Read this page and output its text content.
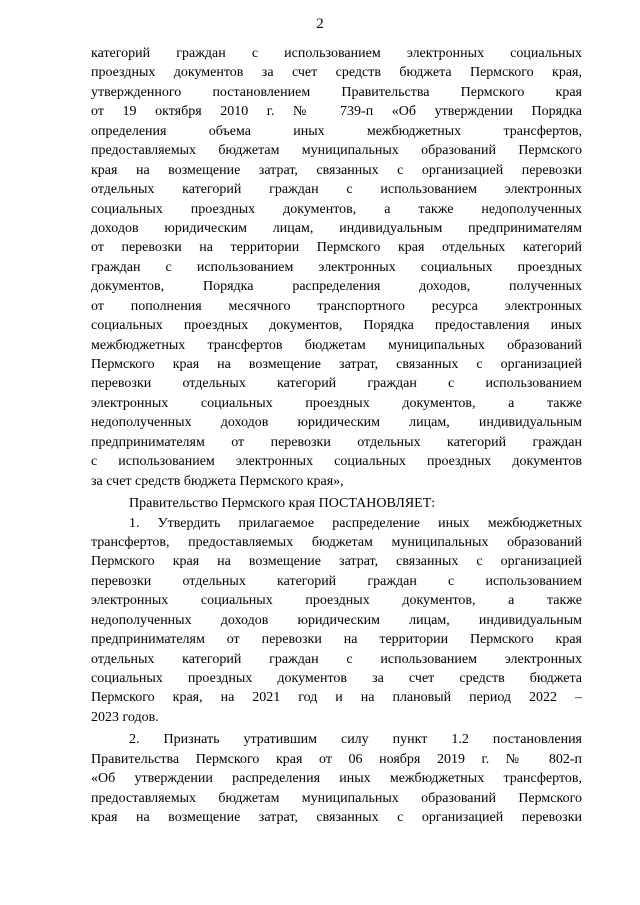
2
категорий граждан с использованием электронных социальных
проездных документов за счет средств бюджета Пермского края,
утвержденного постановлением Правительства Пермского края
от 19 октября 2010 г. № 739-п «Об утверждении Порядка
определения объема иных межбюджетных трансфертов,
предоставляемых бюджетам муниципальных образований Пермского
края на возмещение затрат, связанных с организацией перевозки
отдельных категорий граждан с использованием электронных
социальных проездных документов, а также недополученных
доходов юридическим лицам, индивидуальным предпринимателям
от перевозки на территории Пермского края отдельных категорий
граждан с использованием электронных социальных проездных
документов, Порядка распределения доходов, полученных
от пополнения месячного транспортного ресурса электронных
социальных проездных документов, Порядка предоставления иных
межбюджетных трансфертов бюджетам муниципальных образований
Пермского края на возмещение затрат, связанных с организацией
перевозки отдельных категорий граждан с использованием
электронных социальных проездных документов, а также
недополученных доходов юридическим лицам, индивидуальным
предпринимателям от перевозки отдельных категорий граждан
с использованием электронных социальных проездных документов
за счет средств бюджета Пермского края»,
Правительство Пермского края ПОСТАНОВЛЯЕТ:
1. Утвердить прилагаемое распределение иных межбюджетных
трансфертов, предоставляемых бюджетам муниципальных образований
Пермского края на возмещение затрат, связанных с организацией
перевозки отдельных категорий граждан с использованием
электронных социальных проездных документов, а также
недополученных доходов юридическим лицам, индивидуальным
предпринимателям от перевозки на территории Пермского края
отдельных категорий граждан с использованием электронных
социальных проездных документов за счет средств бюджета
Пермского края, на 2021 год и на плановый период 2022 –
2023 годов.
2. Признать утратившим силу пункт 1.2 постановления
Правительства Пермского края от 06 ноября 2019 г. № 802-п
«Об утверждении распределения иных межбюджетных трансфертов,
предоставляемых бюджетам муниципальных образований Пермского
края на возмещение затрат, связанных с организацией перевозки
